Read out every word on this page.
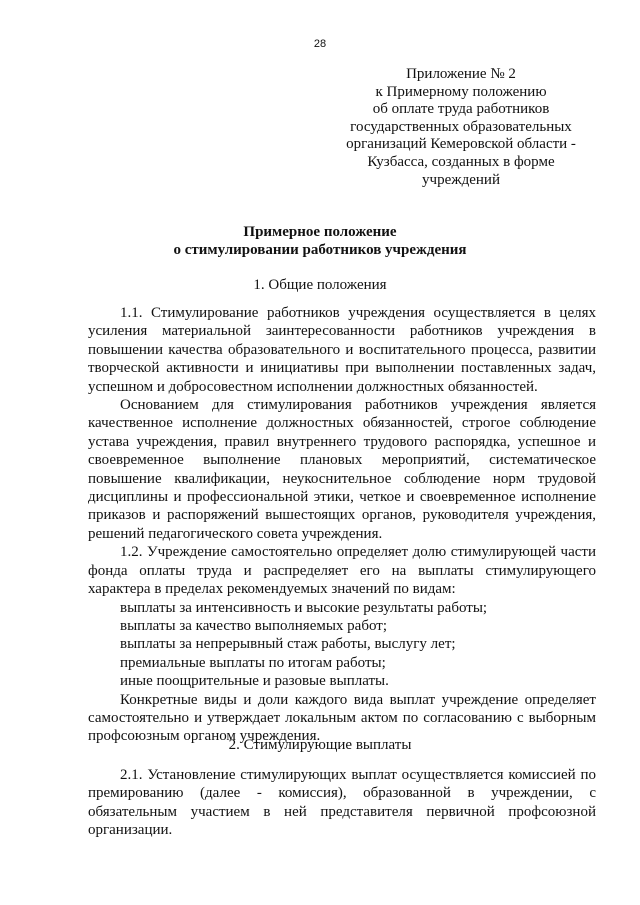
28
Приложение № 2
к Примерному положению
об оплате труда работников
государственных образовательных
организаций Кемеровской области -
Кузбасса, созданных в форме
учреждений
Примерное положение
о стимулировании работников учреждения
1. Общие положения

1.1. Стимулирование работников учреждения осуществляется в целях усиления материальной заинтересованности работников учреждения в повышении качества образовательного и воспитательного процесса, развитии творческой активности и инициативы при выполнении поставленных задач, успешном и добросовестном исполнении должностных обязанностей.

Основанием для стимулирования работников учреждения является качественное исполнение должностных обязанностей, строгое соблюдение устава учреждения, правил внутреннего трудового распорядка, успешное и своевременное выполнение плановых мероприятий, систематическое повышение квалификации, неукоснительное соблюдение норм трудовой дисциплины и профессиональной этики, четкое и своевременное исполнение приказов и распоряжений вышестоящих органов, руководителя учреждения, решений педагогического совета учреждения.

1.2. Учреждение самостоятельно определяет долю стимулирующей части фонда оплаты труда и распределяет его на выплаты стимулирующего характера в пределах рекомендуемых значений по видам:

выплаты за интенсивность и высокие результаты работы;

выплаты за качество выполняемых работ;

выплаты за непрерывный стаж работы, выслугу лет;

премиальные выплаты по итогам работы;

иные поощрительные и разовые выплаты.

Конкретные виды и доли каждого вида выплат учреждение определяет самостоятельно и утверждает локальным актом по согласованию с выборным профсоюзным органом учреждения.

2. Стимулирующие выплаты

2.1. Установление стимулирующих выплат осуществляется комиссией по премированию (далее - комиссия), образованной в учреждении, с обязательным участием в ней представителя первичной профсоюзной организации.
